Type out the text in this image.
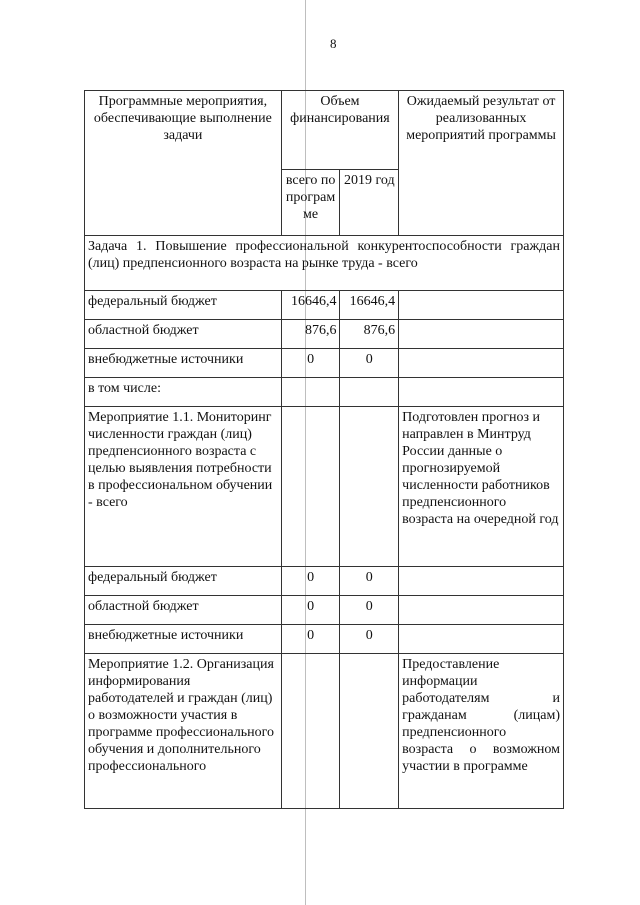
8
Программные мероприятия, обеспечивающие выполнение задачи	Объем финансирования		Ожидаемый результат от реализованных мероприятий программы
	всего по програм ме	2019 год	
Задача 1. Повышение профессиональной конкурентоспособности граждан (лиц) предпенсионного возраста на рынке труда - всего			
федеральный бюджет	16646,4	16646,4	
областной бюджет	876,6	876,6	
внебюджетные источники	0	0	
в том числе:			
Мероприятие 1.1. Мониторинг численности граждан (лиц) предпенсионного возраста с целью выявления потребности в профессиональном обучении - всего			Подготовлен прогноз и направлен в Минтруд России данные о прогнозируемой численности работников предпенсионного возраста на очередной год
федеральный бюджет	0	0	
областной бюджет	0	0	
внебюджетные источники	0	0	
Мероприятие 1.2. Организация информирования работодателей и граждан (лиц) о возможности участия в программе профессионального обучения и дополнительного профессионального			Предоставление информации работодателям и гражданам (лицам) предпенсионного возраста о возможном участии в программе
